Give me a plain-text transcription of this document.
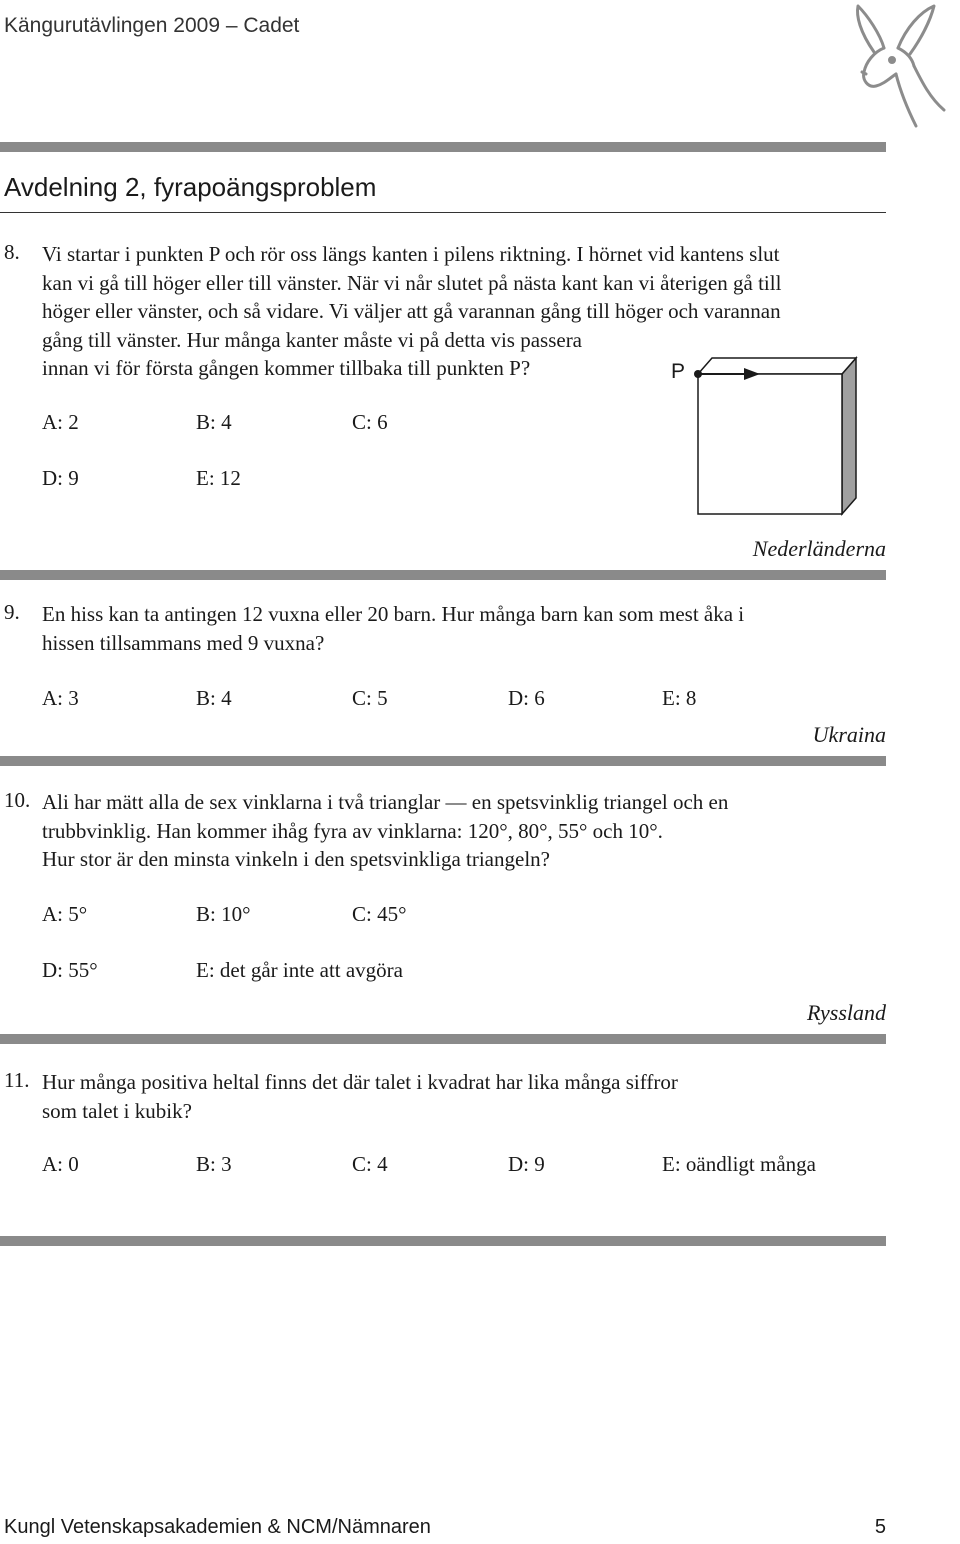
Kängurutävlingen 2009 – Cadet
Avdelning 2, fyrapoängsproblem
8. Vi startar i punkten P och rör oss längs kanten i pilens riktning. I hörnet vid kantens slut
kan vi gå till höger eller till vänster. När vi når slutet på nästa kant kan vi återigen gå till
höger eller vänster, och så vidare. Vi väljer att gå varannan gång till höger och varannan
gång till vänster. Hur många kanter måste vi på detta vis passera
innan vi för första gången kommer tillbaka till punkten P?
A: 2	B: 4	C: 6
D: 9	E: 12
P
Nederländerna
9. En hiss kan ta antingen 12 vuxna eller 20 barn. Hur många barn kan som mest åka i
hissen tillsammans med 9 vuxna?
A: 3	B: 4	C: 5	D: 6	E: 8
Ukraina
10. Ali har mätt alla de sex vinklarna i två trianglar — en spetsvinklig triangel och en
trubbvinklig. Han kommer ihåg fyra av vinklarna: 120°, 80°, 55° och 10°.
Hur stor är den minsta vinkeln i den spetsvinkliga triangeln?
A: 5°	B: 10°	C: 45°
D: 55°	E: det går inte att avgöra
Ryssland
11. Hur många positiva heltal finns det där talet i kvadrat har lika många siffror
som talet i kubik?
A: 0	B: 3	C: 4	D: 9	E: oändligt många
Kungl Vetenskapsakademien & NCM/Nämnaren	5
